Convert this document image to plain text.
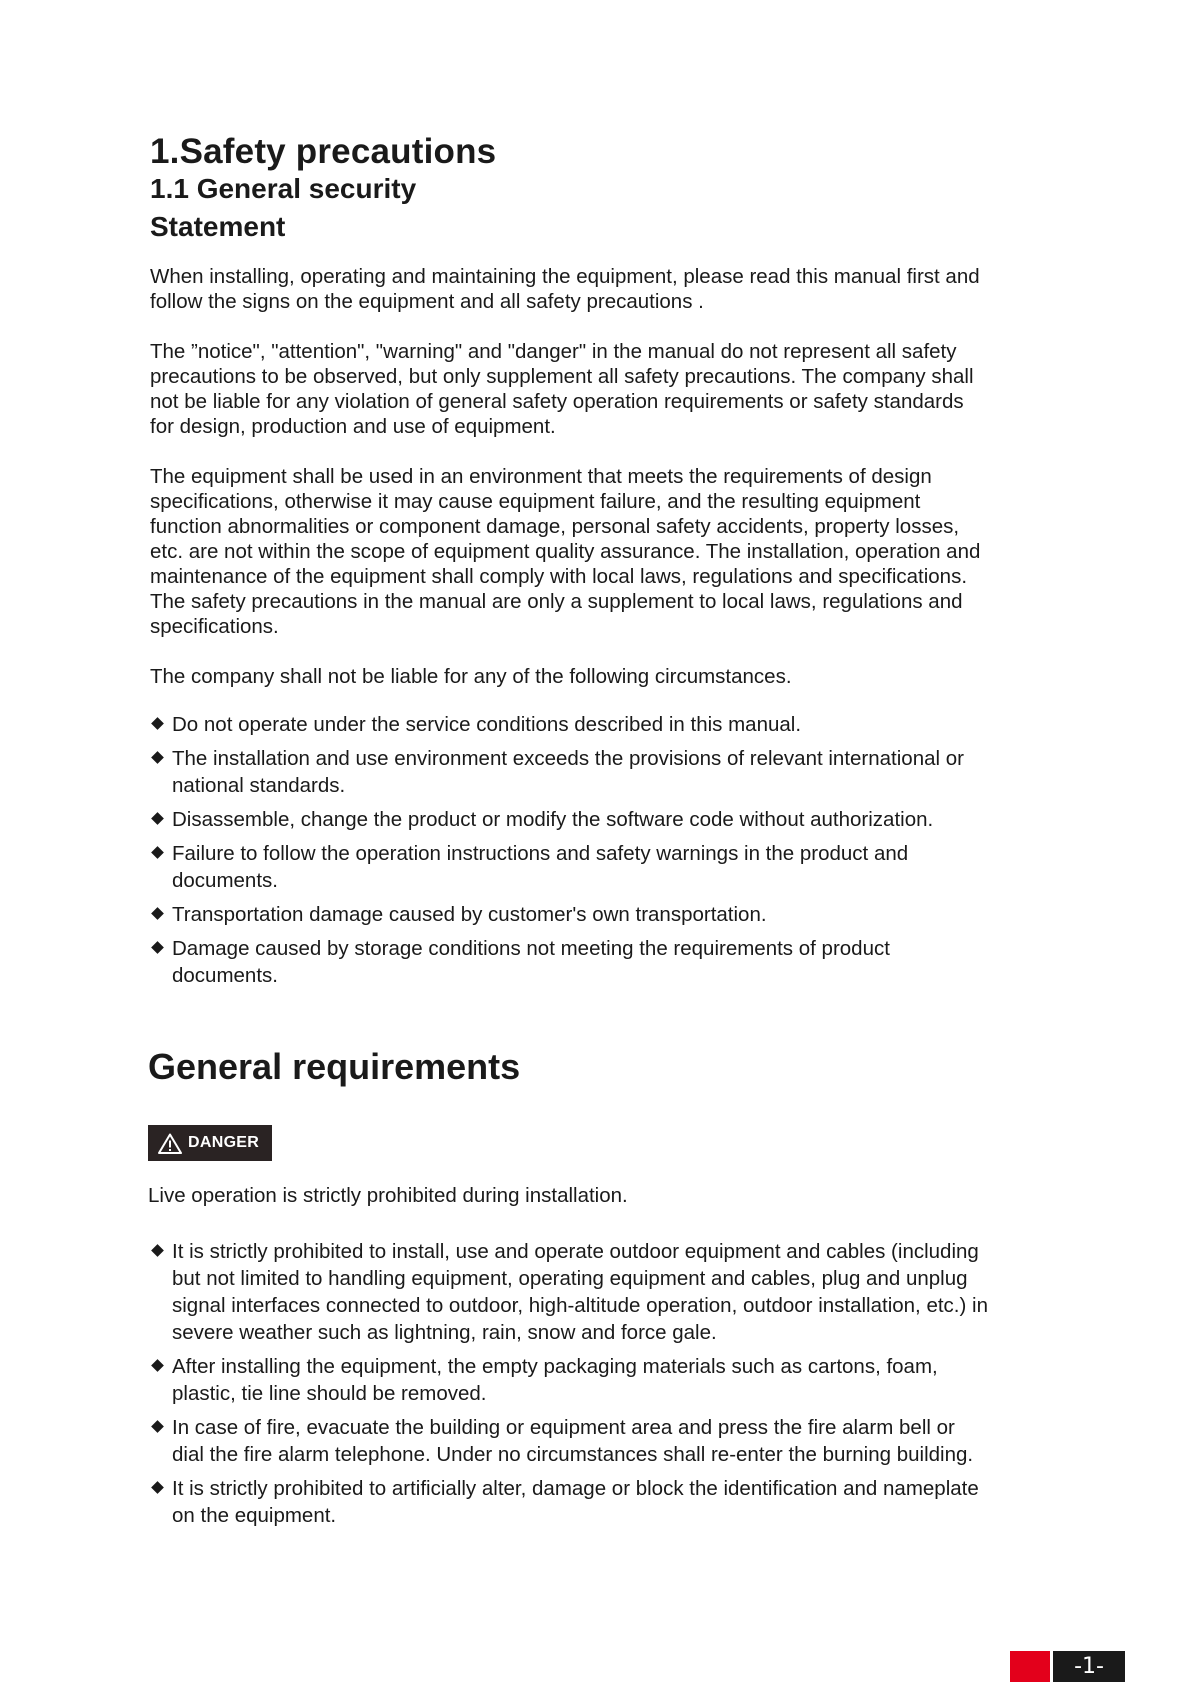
1.Safety precautions
1.1 General security
Statement

When installing, operating and maintaining the equipment, please read this manual first and follow the signs on the equipment and all safety precautions .

The ”notice", "attention", "warning" and "danger" in the manual do not represent all safety precautions to be observed, but only supplement all safety precautions. The company shall not be liable for any violation of general safety operation requirements or safety standards for design, production and use of equipment.

The equipment shall be used in an environment that meets the requirements of design specifications, otherwise it may cause equipment failure, and the resulting equipment function abnormalities or component damage, personal safety accidents, property losses, etc. are not within the scope of equipment quality assurance. The installation, operation and maintenance of the equipment shall comply with local laws, regulations and specifications. The safety precautions in the manual are only a supplement to local laws, regulations and specifications.

The company shall not be liable for any of the following circumstances.

Do not operate under the service conditions described in this manual.
The installation and use environment exceeds the provisions of relevant international or national standards.
Disassemble, change the product or modify the software code without authorization.
Failure to follow the operation instructions and safety warnings in the product and documents.
Transportation damage caused by customer's own transportation.
Damage caused by storage conditions not meeting the requirements of product documents.
General requirements
DANGER

Live operation is strictly prohibited during installation.

It is strictly prohibited to install, use and operate outdoor equipment and cables (including but not limited to handling equipment, operating equipment and cables, plug and unplug signal interfaces connected to outdoor, high-altitude operation, outdoor installation, etc.) in severe weather such as lightning, rain, snow and force gale.
After installing the equipment, the empty packaging materials such as cartons, foam, plastic, tie line should be removed.
In case of fire, evacuate the building or equipment area and press the fire alarm bell or dial the fire alarm telephone. Under no circumstances shall re-enter the burning building.
It is strictly prohibited to artificially alter, damage or block the identification and nameplate on the equipment.
-1-
